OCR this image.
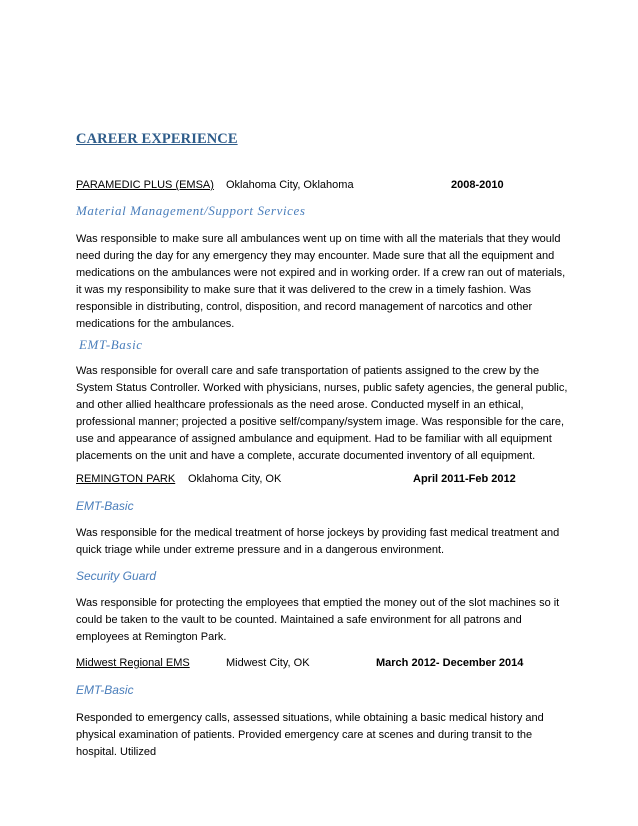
CAREER EXPERIENCE
PARAMEDIC PLUS (EMSA) Oklahoma City, Oklahoma	2008-2010
Material Management/Support Services

Was responsible to make sure all ambulances went up on time with all the materials that they would need during the day for any emergency they may encounter. Made sure that all the equipment and medications on the ambulances were not expired and in working order. If a crew ran out of materials, it was my responsibility to make sure that it was delivered to the crew in a timely fashion. Was responsible in distributing, control, disposition, and record management of narcotics and other medications for the ambulances.

EMT-Basic

Was responsible for overall care and safe transportation of patients assigned to the crew by the System Status Controller. Worked with physicians, nurses, public safety agencies, the general public, and other allied healthcare professionals as the need arose. Conducted myself in an ethical, professional manner; projected a positive self/company/system image. Was responsible for the care, use and appearance of assigned ambulance and equipment. Had to be familiar with all equipment placements on the unit and have a complete, accurate documented inventory of all equipment.

REMINGTON PARK Oklahoma City, OK	April 2011-Feb 2012
EMT-Basic

Was responsible for the medical treatment of horse jockeys by providing fast medical treatment and quick triage while under extreme pressure and in a dangerous environment.

Security Guard

Was responsible for protecting the employees that emptied the money out of the slot machines so it could be taken to the vault to be counted. Maintained a safe environment for all patrons and employees at Remington Park.

Midwest Regional EMS	Midwest City, OK	March 2012- December 2014
EMT-Basic

Responded to emergency calls, assessed situations, while obtaining a basic medical history and physical examination of patients. Provided emergency care at scenes and during transit to the hospital. Utilized
